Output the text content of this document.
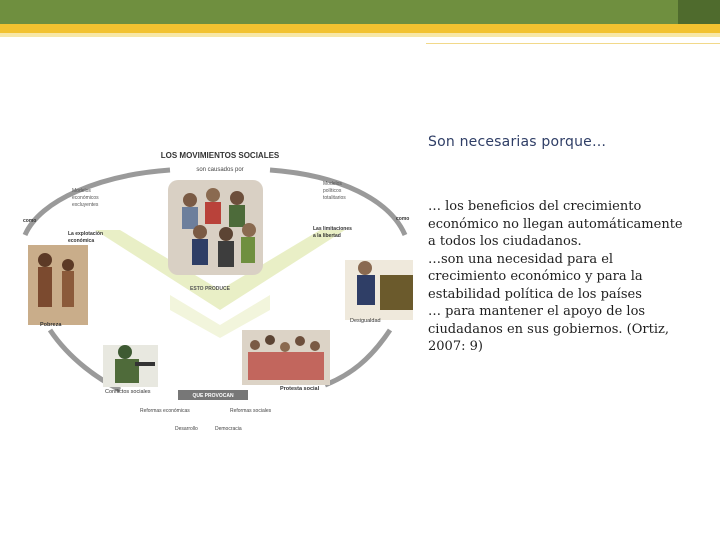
LOS MOVIMIENTOS SOCIALES
son causados por
Modelos económicos excluyentes
Modelos políticos totalitarios
La explotación económica
Las limitaciones a la libertad
como	como
ESTO PRODUCE
Pobreza
Desigualdad
Conflictos sociales	Protesta social
QUE PROVOCAN
Reformas económicas	Reformas sociales
Desarrollo	Democracia
Son necesarias porque…

… los beneficios del crecimiento económico no llegan automáticamente a todos los ciudadanos.

…son una necesidad para el crecimiento económico y para la estabilidad política de los países

… para mantener el apoyo de los ciudadanos en sus gobiernos. (Ortiz, 2007: 9)
